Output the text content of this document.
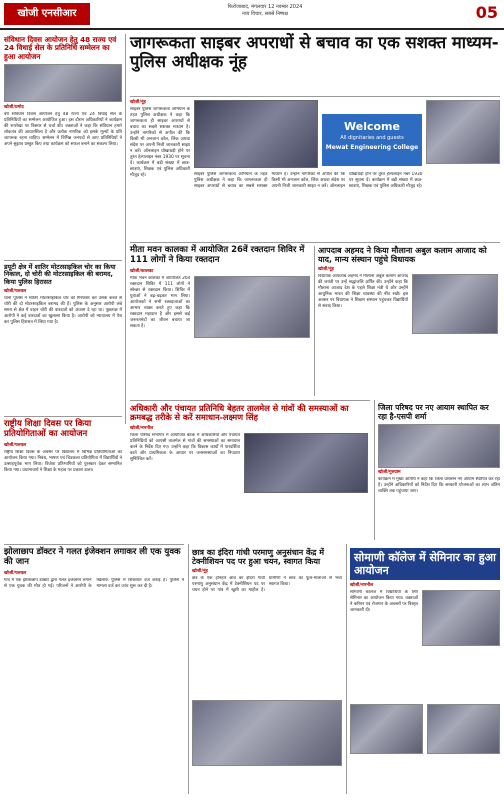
खोजी एनसीआर
फिरोजाबाद, मंगलवार 12 नवम्बर 2024
नव्य विचार, सबसे निष्पक्ष	05
संविधान दिवस आयोजन हेतु 48 राज्य एवं 24 विधाई सेल के प्रतिनिधि सम्मेलन का हुआ आयोजन
खोजी/प्रमोद
वर्ष संविधान दिवस आयोजन हेतु 48 राज्य एवं 24 विधाई सेल के प्रतिनिधियों का सम्मेलन आयोजित हुआ। इस दौरान अधिकारियों ने कार्यक्रम की रूपरेखा पर विस्तार से चर्चा की। वक्ताओं ने कहा कि संविधान हमारे लोकतंत्र की आधारशिला है और प्रत्येक नागरिक को इसके मूल्यों के प्रति जागरूक रहना चाहिए। सम्मेलन में विभिन्न जनपदों से आए प्रतिनिधियों ने अपने सुझाव प्रस्तुत किए तथा कार्यक्रम को सफल बनाने का संकल्प लिया।
जागरूकता साइबर अपराधों से बचाव का एक सशक्त माध्यम-पुलिस अधीक्षक नूंह
खोजी/नूंह
साइबर पुलिस जागरूकता अभियान के तहत पुलिस अधीक्षक ने कहा कि जागरूकता ही साइबर अपराधों से बचाव का सबसे सशक्त माध्यम है। उन्होंने नागरिकों से अपील की कि किसी भी अनजान कॉल, लिंक अथवा संदेश पर अपनी निजी जानकारी साझा न करें। ऑनलाइन धोखाधड़ी होने पर तुरंत हेल्पलाइन नंबर 1930 पर सूचना दें। कार्यक्रम में बड़ी संख्या में छात्र-छात्राएं, शिक्षक एवं पुलिस अधिकारी मौजूद रहे।
Welcome
All dignitaries and guests
Mewat Engineering College
साइबर पुलिस जागरूकता अभियान के तहत पुलिस अधीक्षक ने कहा कि जागरूकता ही साइबर अपराधों से बचाव का सबसे सशक्त माध्यम है। उन्होंने नागरिकों से अपील की कि किसी भी अनजान कॉल, लिंक अथवा संदेश पर अपनी निजी जानकारी साझा न करें। ऑनलाइन धोखाधड़ी होने पर तुरंत हेल्पलाइन नंबर 1930 पर सूचना दें। कार्यक्रम में बड़ी संख्या में छात्र-छात्राएं, शिक्षक एवं पुलिस अधिकारी मौजूद रहे।
डयूटी क्षेत्र में शातिर मोटरसाइकिल चोर का किया निकाल, दो चोरी की मोटरसाइकिल की बरामद, किया पुलिस हिरासत
खोजी/पलवल
थाना पुलिस ने शातिर मोटरसाइकिल चोर को गिरफ्तार कर उसके कब्जे से चोरी की दो मोटरसाइकिल बरामद की हैं। पुलिस के अनुसार आरोपी लंबे समय से क्षेत्र में वाहन चोरी की वारदातों को अंजाम दे रहा था। पूछताछ में आरोपी ने कई वारदातों का खुलासा किया है। आरोपी को न्यायालय में पेश कर पुलिस हिरासत में लिया गया है।
मीता मवन कालका में आयोजित 26वें रक्तदान शिविर में 111 लोगों ने किया रक्तदान
खोजी/कालका
मीता भवन कालका में आयोजित 26वें रक्तदान शिविर में 111 लोगों ने स्वेच्छा से रक्तदान किया। शिविर में युवाओं ने बढ़-चढ़कर भाग लिया। आयोजकों ने सभी रक्तदाताओं का आभार व्यक्त करते हुए कहा कि रक्तदान महादान है और इससे कई जरूरतमंदों का जीवन बचाया जा सकता है।
आपदाब अहमद ने किया मौलाना अबुल कलाम आजाद को याद, मान्य संस्थान पहुंचे विधायक
खोजी/नूंह
विधायक आफताब अहमद ने मौलाना अबुल कलाम आजाद की जयंती पर उन्हें श्रद्धांजलि अर्पित की। उन्होंने कहा कि मौलाना आजाद देश के पहले शिक्षा मंत्री थे और उन्होंने आधुनिक भारत की शिक्षा व्यवस्था की नींव रखी। इस अवसर पर विधायक ने शिक्षण संस्थान पहुंचकर विद्यार्थियों से संवाद किया।
राष्ट्रीय शिक्षा दिवस पर किया प्रतियोगिताओं का आयोजन
खोजी/पलवल
राष्ट्रीय शिक्षा दिवस के अवसर पर विद्यालय में विभिन्न प्रतियोगिताओं का आयोजन किया गया। निबंध, भाषण एवं चित्रकला प्रतियोगिता में विद्यार्थियों ने उत्साहपूर्वक भाग लिया। विजेता प्रतिभागियों को पुरस्कार देकर सम्मानित किया गया। प्रधानाचार्य ने शिक्षा के महत्व पर प्रकाश डाला।
अधिकारी और पंचायत प्रतिनिधि बेहतर तालमेल से गांवों की समस्याओं का क्रमबद्ध तरीके से करें समाधान-लक्ष्मण सिंह
खोजी/नारनौल
जिला परिषद सभागार में आयोजित बैठक में अधिकारियों और पंचायत प्रतिनिधियों को आपसी तालमेल से गांवों की समस्याओं का समाधान करने के निर्देश दिए गए। उन्होंने कहा कि विकास कार्यों में पारदर्शिता बरतें और प्राथमिकता के आधार पर जनसमस्याओं का निपटारा सुनिश्चित करें।
जिला परिषद पर नए आयाम स्थापित कर रहा है-एसपी शर्मा
खोजी/गुरुग्राम
कार्यक्रम में मुख्य अतिथि ने कहा कि जिला प्रशासन नए आयाम स्थापित कर रहा है। उन्होंने अधिकारियों को निर्देश दिए कि सरकारी योजनाओं का लाभ अंतिम व्यक्ति तक पहुंचाया जाए।
झोलाछाप डॉक्टर ने गलत इंजेक्शन लगाकर ली एक युवक की जान
खोजी/पलवल
गांव में एक झोलाछाप डॉक्टर द्वारा गलत इंजेक्शन लगाने से एक युवक की मौत हो गई। परिजनों ने आरोपी के खिलाफ पुलिस में शिकायत दर्ज कराई है। पुलिस ने मामला दर्ज कर जांच शुरू कर दी है।
छात्र का इंदिरा गांधी परमाणु अनुसंधान केंद्र में टेक्नीशियन पद पर हुआ चयन, स्वागत किया
खोजी/नूंह
क्षेत्र के एक होनहार छात्र का इंदिरा गांधी परमाणु अनुसंधान केंद्र में टेक्नीशियन पद पर चयन होने पर गांव में खुशी का माहौल है। ग्रामीणों ने छात्र का फूल-मालाओं से भव्य स्वागत किया।
सोमाणी कॉलेज में सेमिनार का हुआ आयोजन
खोजी/नारनौल
सोमाणी कॉलेज में विद्यार्थियों के लिए सेमिनार का आयोजन किया गया। वक्ताओं ने करियर एवं रोजगार के अवसरों पर विस्तृत जानकारी दी।
